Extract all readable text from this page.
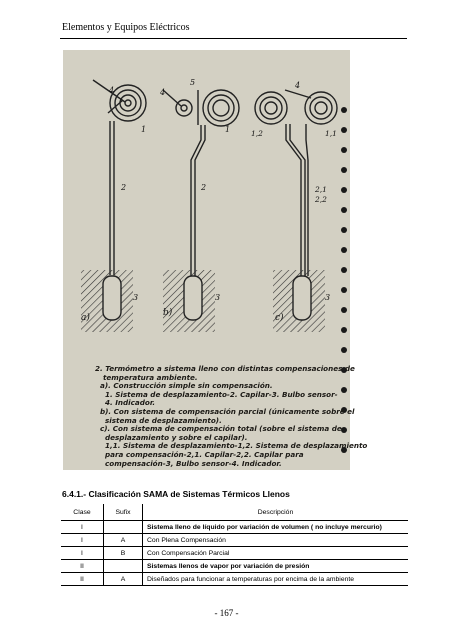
Elementos y Equipos Eléctricos
4
1
2
3
a)
4
5
1
2
3
b)
4
1,2	1,1
2,1
2,2
3
c)
2. Termómetro a sistema lleno con distintas compensaciones de
temperatura ambiente.
a). Construcción simple sin compensación.
1. Sistema de desplazamiento-2. Capilar-3. Bulbo sensor-
4. Indicador.
b). Con sistema de compensación parcial (únicamente sobre el
sistema de desplazamiento).
c). Con sistema de compensación total (sobre el sistema de
desplazamiento y sobre el capilar).
1,1. Sistema de desplazamiento-1,2. Sistema de desplazamiento
para compensación-2,1. Capilar-2,2. Capilar para
compensación-3, Bulbo sensor-4. Indicador.
6.4.1.- Clasificación SAMA de Sistemas Térmicos Llenos
Clase	Sufix	Descripción
I		Sistema lleno de líquido por variación de volumen ( no incluye mercurio)
I	A	Con Plena Compensación
I	B	Con Compensación Parcial
II		Sistemas llenos de vapor por variación de presión
II	A	Diseñados para funcionar a temperaturas por encima de la ambiente
- 167 -
